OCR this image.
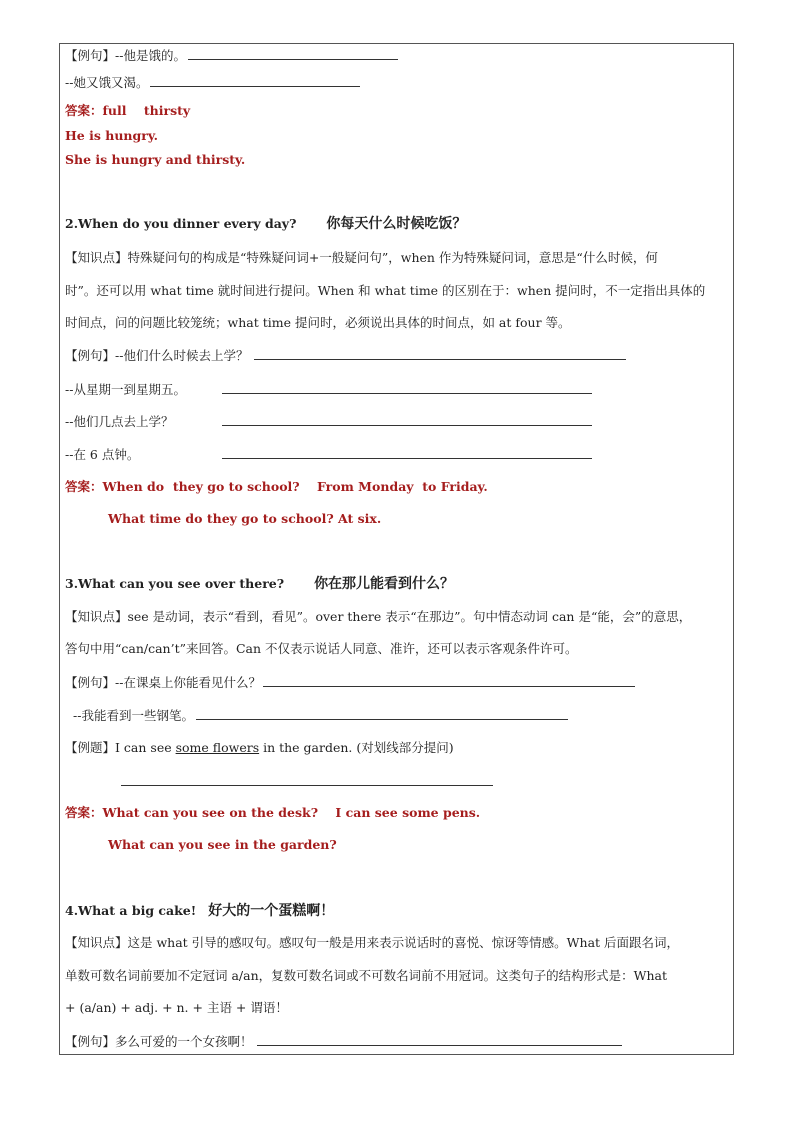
【例句】--他是饿的。
--她又饿又渴。
答案：full    thirsty
He is hungry.
She is hungry and thirsty.
2.When do you dinner every day? 你每天什么时候吃饭？
【知识点】特殊疑问句的构成是“特殊疑问词+一般疑问句”，when 作为特殊疑问词，意思是“什么时候，何
时”。还可以用 what time 就时间进行提问。When 和 what time 的区别在于：when 提问时，不一定指出具体的
时间点，问的问题比较笼统；what time 提问时，必须说出具体的时间点，如 at four 等。
【例句】--他们什么时候去上学？
--从星期一到星期五。
--他们几点去上学？
--在 6 点钟。
答案：When do  they go to school?    From Monday  to Friday.
What time do they go to school? At six.
3.What can you see over there? 你在那儿能看到什么？
【知识点】see 是动词，表示“看到，看见”。over there 表示“在那边”。句中情态动词 can 是“能，会”的意思，
答句中用“can/can’t”来回答。Can 不仅表示说话人同意、准许，还可以表示客观条件许可。
【例句】--在课桌上你能看见什么？
--我能看到一些钢笔。
【例题】I can see some flowers in the garden. (对划线部分提问)
答案：What can you see on the desk?    I can see some pens.
What can you see in the garden?
4.What a big cake! 好大的一个蛋糕啊！
【知识点】这是 what 引导的感叹句。感叹句一般是用来表示说话时的喜悦、惊讶等情感。What 后面跟名词，
单数可数名词前要加不定冠词 a/an，复数可数名词或不可数名词前不用冠词。这类句子的结构形式是：What
+ (a/an) + adj. + n. + 主语 + 谓语！
【例句】多么可爱的一个女孩啊！
